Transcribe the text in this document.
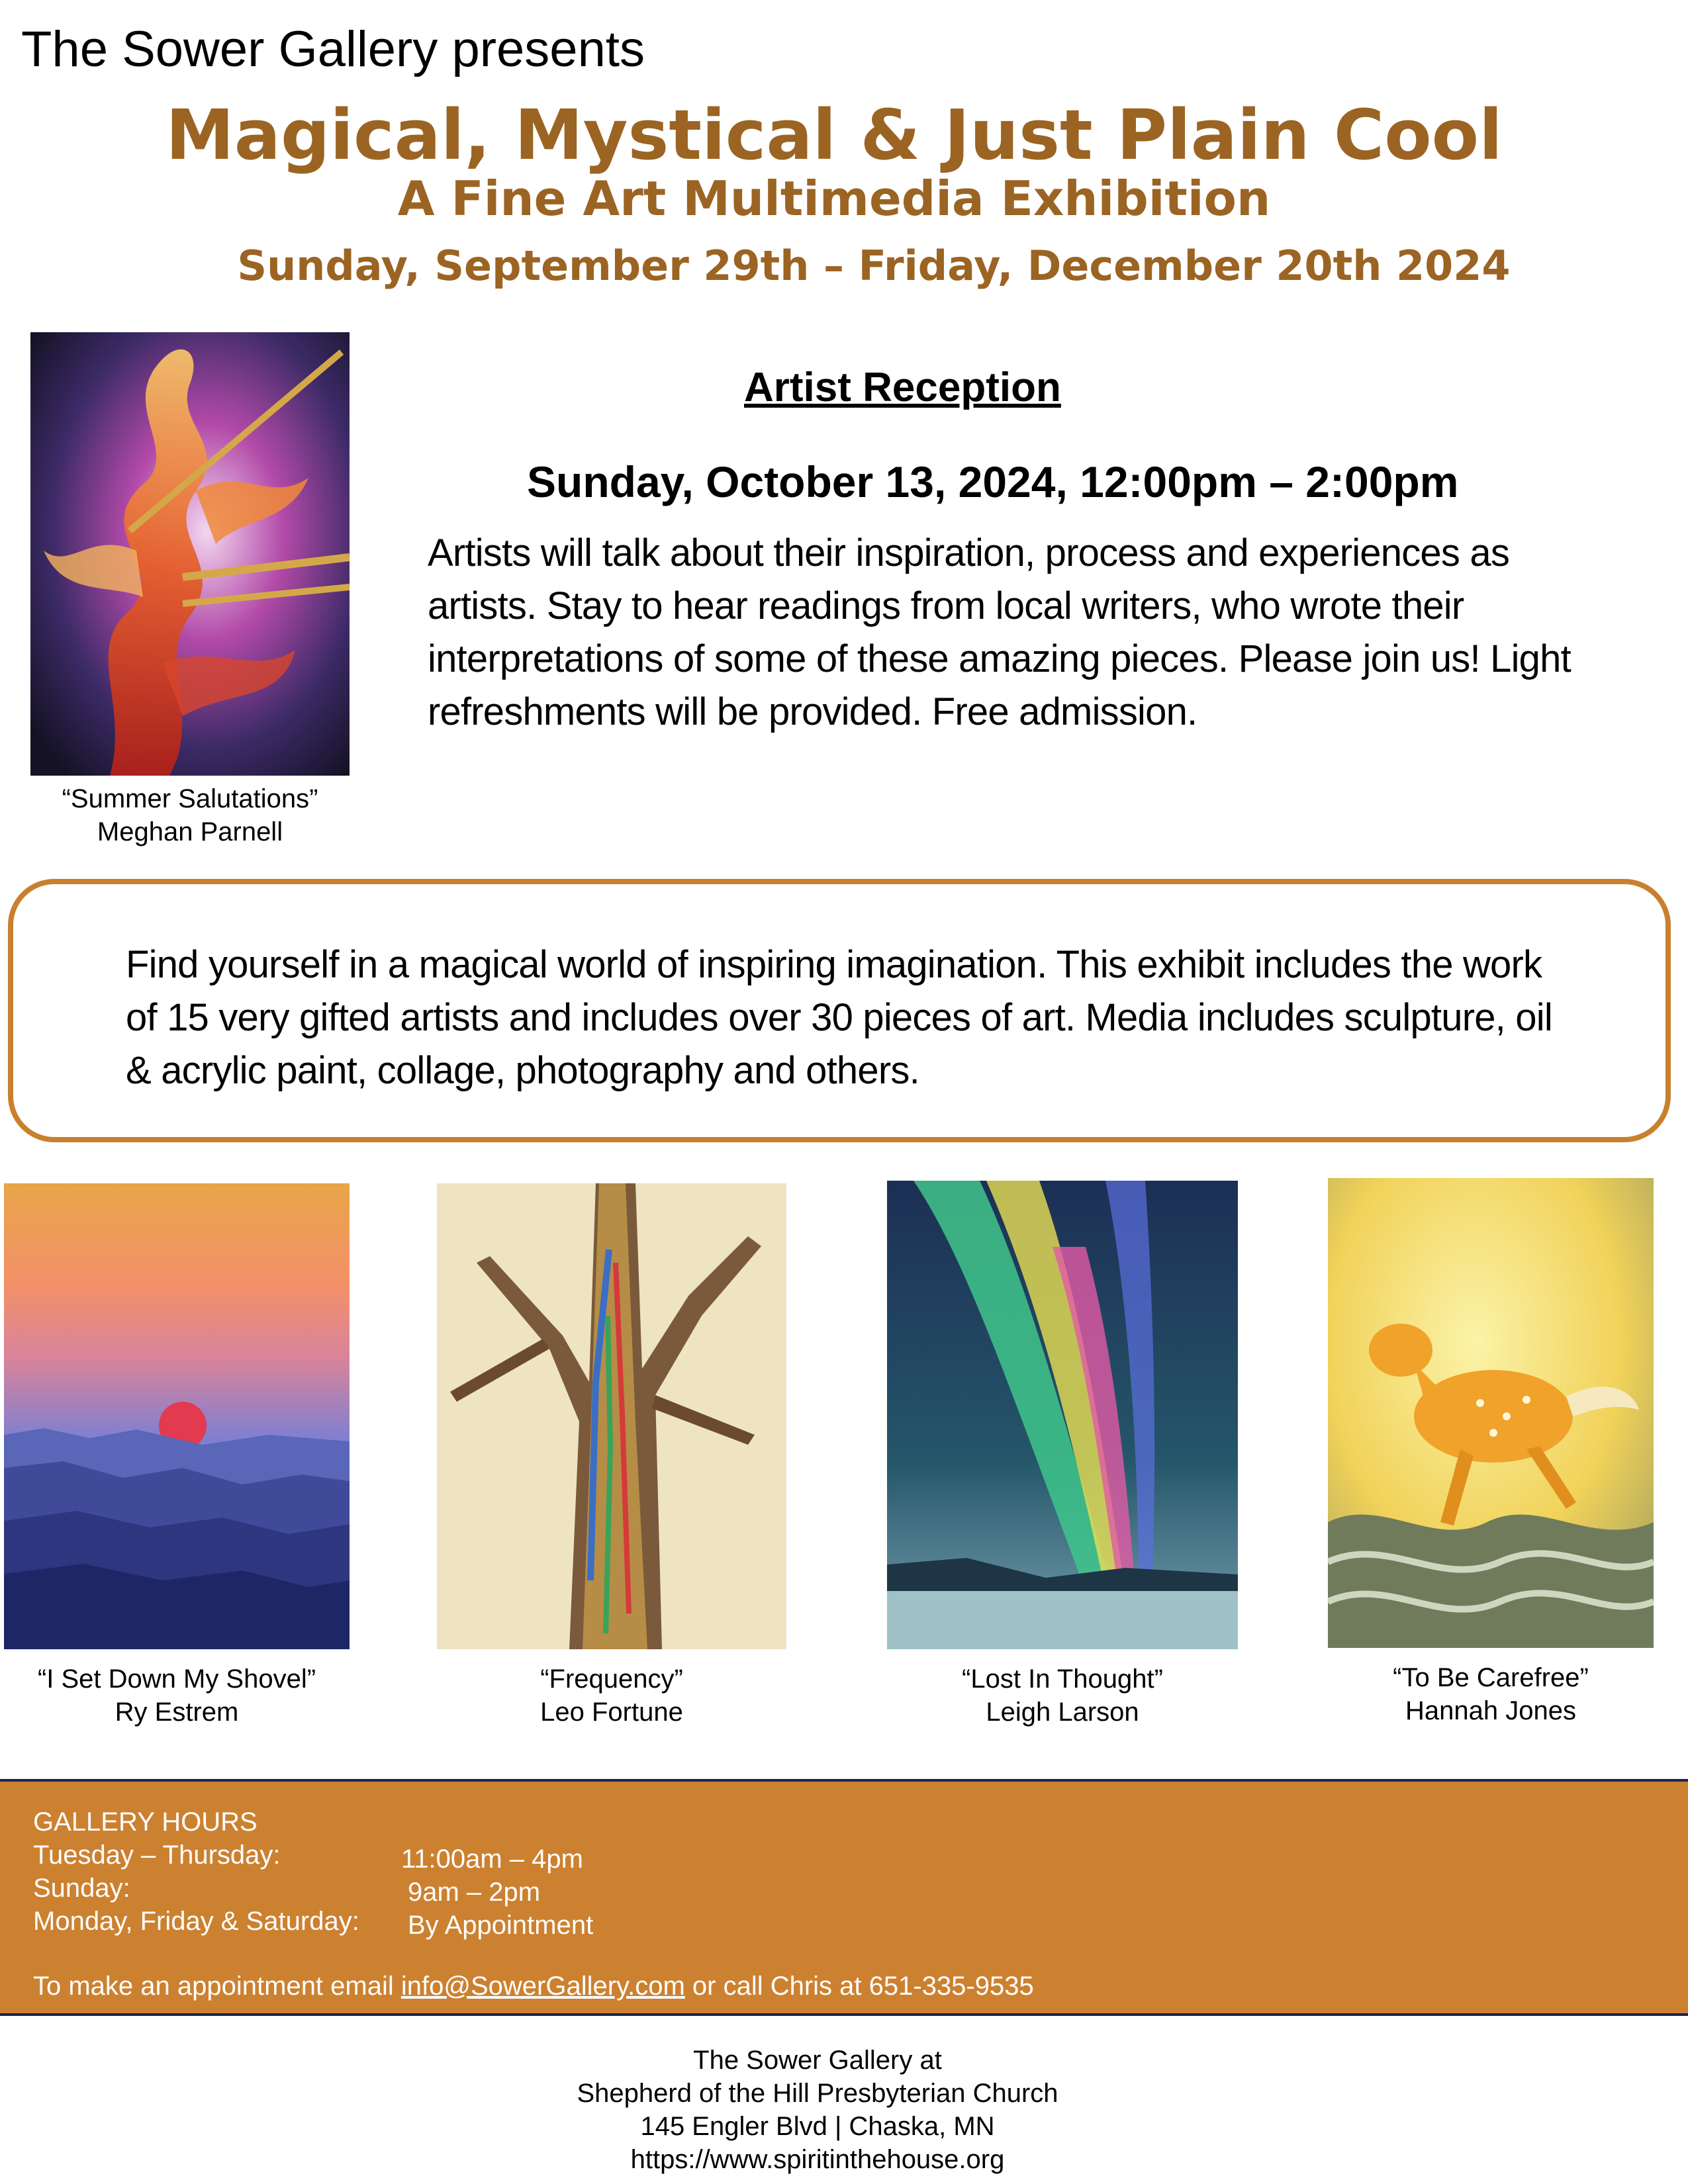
The Sower Gallery presents
Magical, Mystical & Just Plain Cool
A Fine Art Multimedia Exhibition
Sunday, September 29th – Friday, December 20th 2024
“Summer Salutations”
Meghan Parnell
Artist Reception
Sunday, October 13, 2024, 12:00pm – 2:00pm
Artists will talk about their inspiration, process and experiences as artists. Stay to hear readings from local writers, who wrote their interpretations of some of these amazing pieces. Please join us! Light refreshments will be provided. Free admission.
Find yourself in a magical world of inspiring imagination. This exhibit includes the work of 15 very gifted artists and includes over 30 pieces of art. Media includes sculpture, oil & acrylic paint, collage, photography and others.
“I Set Down My Shovel”
Ry Estrem
“Frequency”
Leo Fortune
“Lost In Thought”
Leigh Larson
“To Be Carefree”
Hannah Jones
GALLERY HOURS
Tuesday – Thursday:	11:00am – 4pm
Sunday:	9am – 2pm
Monday, Friday & Saturday: By Appointment
To make an appointment email info@SowerGallery.com or call Chris at 651-335-9535
The Sower Gallery at
Shepherd of the Hill Presbyterian Church
145 Engler Blvd | Chaska, MN
https://www.spiritinthehouse.org
